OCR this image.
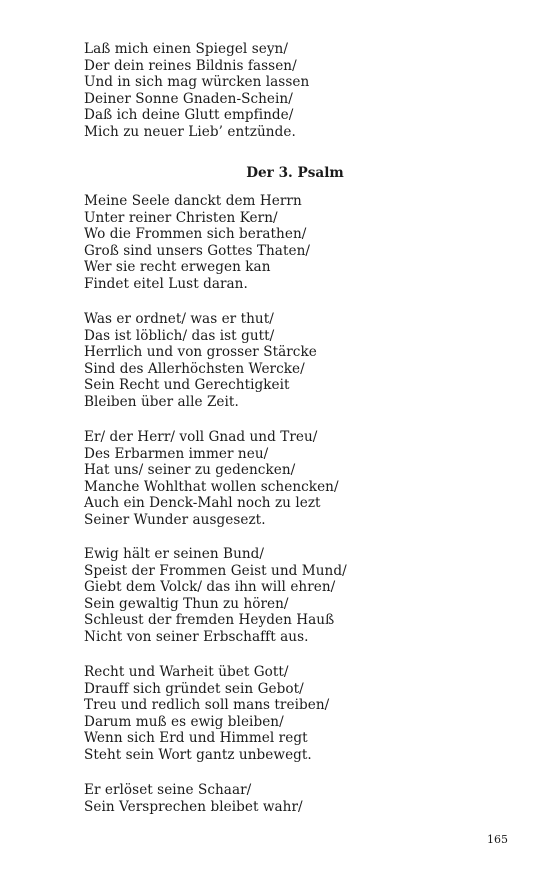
Laß mich einen Spiegel seyn/
Der dein reines Bildnis fassen/
Und in sich mag würcken lassen
Deiner Sonne Gnaden-Schein/
Daß ich deine Glutt empfinde/
Mich zu neuer Lieb’ entzünde.
Der 3. Psalm
Meine Seele danckt dem Herrn
Unter reiner Christen Kern/
Wo die Frommen sich berathen/
Groß sind unsers Gottes Thaten/
Wer sie recht erwegen kan
Findet eitel Lust daran.
Was er ordnet/ was er thut/
Das ist löblich/ das ist gutt/
Herrlich und von grosser Stärcke
Sind des Allerhöchsten Wercke/
Sein Recht und Gerechtigkeit
Bleiben über alle Zeit.
Er/ der Herr/ voll Gnad und Treu/
Des Erbarmen immer neu/
Hat uns/ seiner zu gedencken/
Manche Wohlthat wollen schencken/
Auch ein Denck-Mahl noch zu lezt
Seiner Wunder ausgesezt.
Ewig hält er seinen Bund/
Speist der Frommen Geist und Mund/
Giebt dem Volck/ das ihn will ehren/
Sein gewaltig Thun zu hören/
Schleust der fremden Heyden Hauß
Nicht von seiner Erbschafft aus.
Recht und Warheit übet Gott/
Drauff sich gründet sein Gebot/
Treu und redlich soll mans treiben/
Darum muß es ewig bleiben/
Wenn sich Erd und Himmel regt
Steht sein Wort gantz unbewegt.
Er erlöset seine Schaar/
Sein Versprechen bleibet wahr/
165
